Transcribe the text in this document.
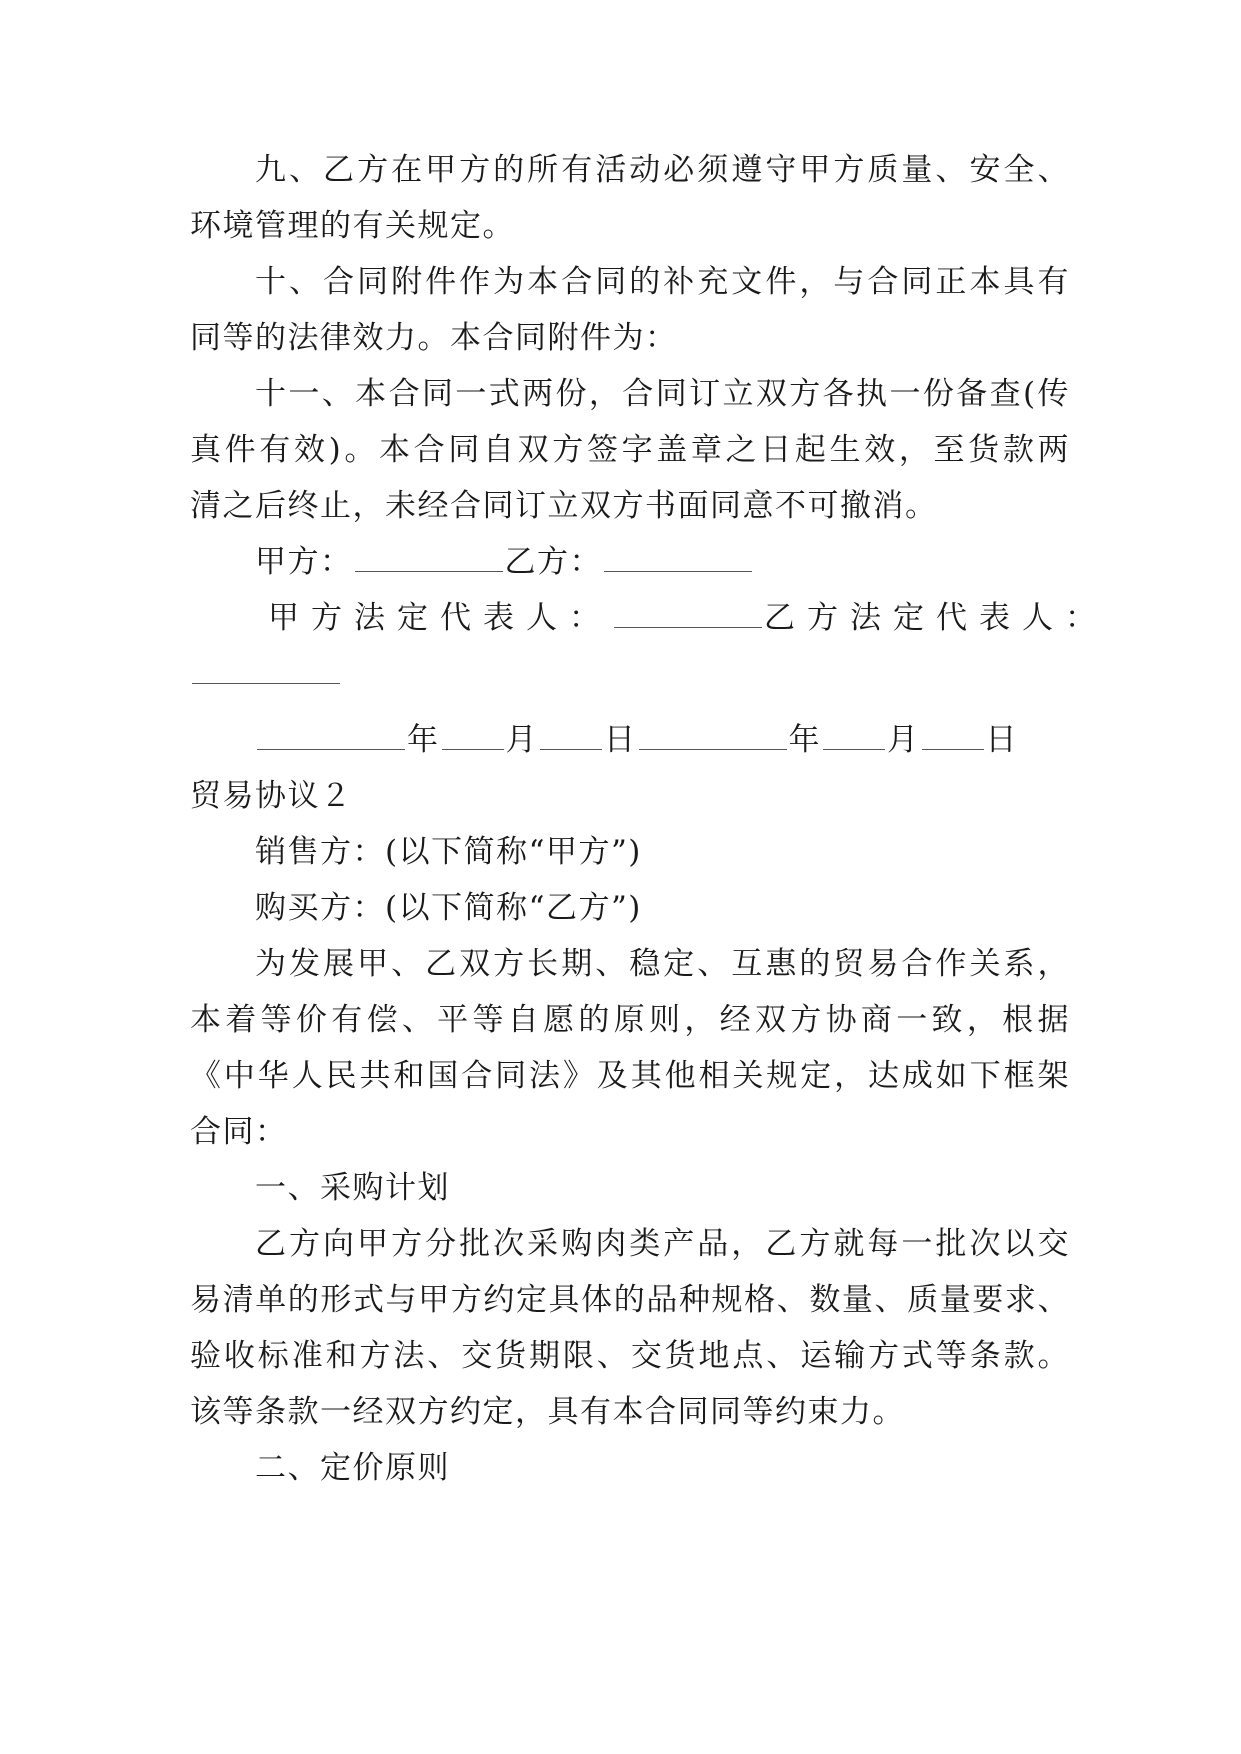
九、乙方在甲方的所有活动必须遵守甲方质量、安全、
环境管理的有关规定。
十、合同附件作为本合同的补充文件，与合同正本具有
同等的法律效力。本合同附件为：
十一、本合同一式两份，合同订立双方各执一份备查(传
真件有效)。本合同自双方签字盖章之日起生效，至货款两
清之后终止，未经合同订立双方书面同意不可撤消。
甲方：	乙方：
甲方法定代表人：	乙方法定代表人：
年 月 日	年 月 日
贸易协议２
销售方：(以下简称“甲方”)
购买方：(以下简称“乙方”)
为发展甲、乙双方长期、稳定、互惠的贸易合作关系，
本着等价有偿、平等自愿的原则，经双方协商一致，根据
《中华人民共和国合同法》及其他相关规定，达成如下框架
合同：
一、采购计划
乙方向甲方分批次采购肉类产品，乙方就每一批次以交
易清单的形式与甲方约定具体的品种规格、数量、质量要求、
验收标准和方法、交货期限、交货地点、运输方式等条款。
该等条款一经双方约定，具有本合同同等约束力。
二、定价原则
